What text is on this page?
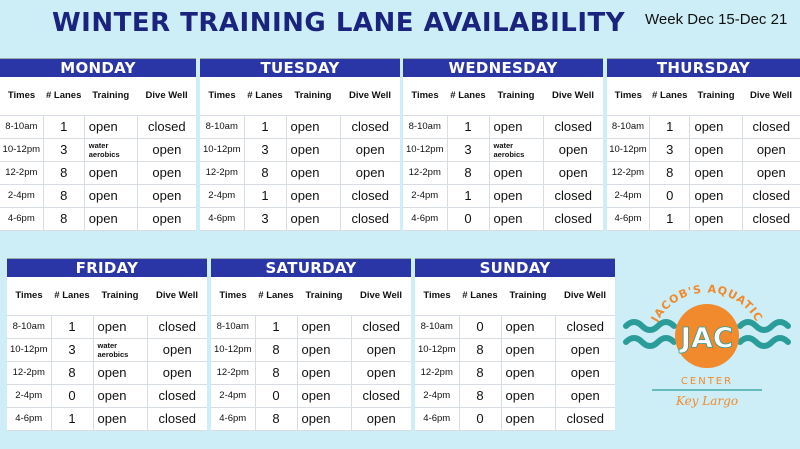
WINTER TRAINING LANE AVAILABILITY Week Dec 15-Dec 21
MONDAY
Times	# Lanes	Training	Dive Well
8-10am	1	open	closed
10-12pm	3	water aerobics	open
12-2pm	8	open	open
2-4pm	8	open	open
4-6pm	8	open	open
TUESDAY
Times	# Lanes	Training	Dive Well
8-10am	1	open	closed
10-12pm	3	open	open
12-2pm	8	open	open
2-4pm	1	open	closed
4-6pm	3	open	closed
WEDNESDAY
Times	# Lanes	Training	Dive Well
8-10am	1	open	closed
10-12pm	3	water aerobics	open
12-2pm	8	open	open
2-4pm	1	open	closed
4-6pm	0	open	closed
THURSDAY
Times	# Lanes	Training	Dive Well
8-10am	1	open	closed
10-12pm	3	open	open
12-2pm	8	open	open
2-4pm	0	open	closed
4-6pm	1	open	closed
FRIDAY
Times	# Lanes	Training	Dive Well
8-10am	1	open	closed
10-12pm	3	water aerobics	open
12-2pm	8	open	open
2-4pm	0	open	closed
4-6pm	1	open	closed
SATURDAY
Times	# Lanes	Training	Dive Well
8-10am	1	open	closed
10-12pm	8	open	open
12-2pm	8	open	open
2-4pm	0	open	closed
4-6pm	8	open	open
SUNDAY
Times	# Lanes	Training	Dive Well
8-10am	0	open	closed
10-12pm	8	open	open
12-2pm	8	open	open
2-4pm	8	open	open
4-6pm	0	open	closed
JACOB'S AQUATIC
JAC
CENTER
Key Largo
